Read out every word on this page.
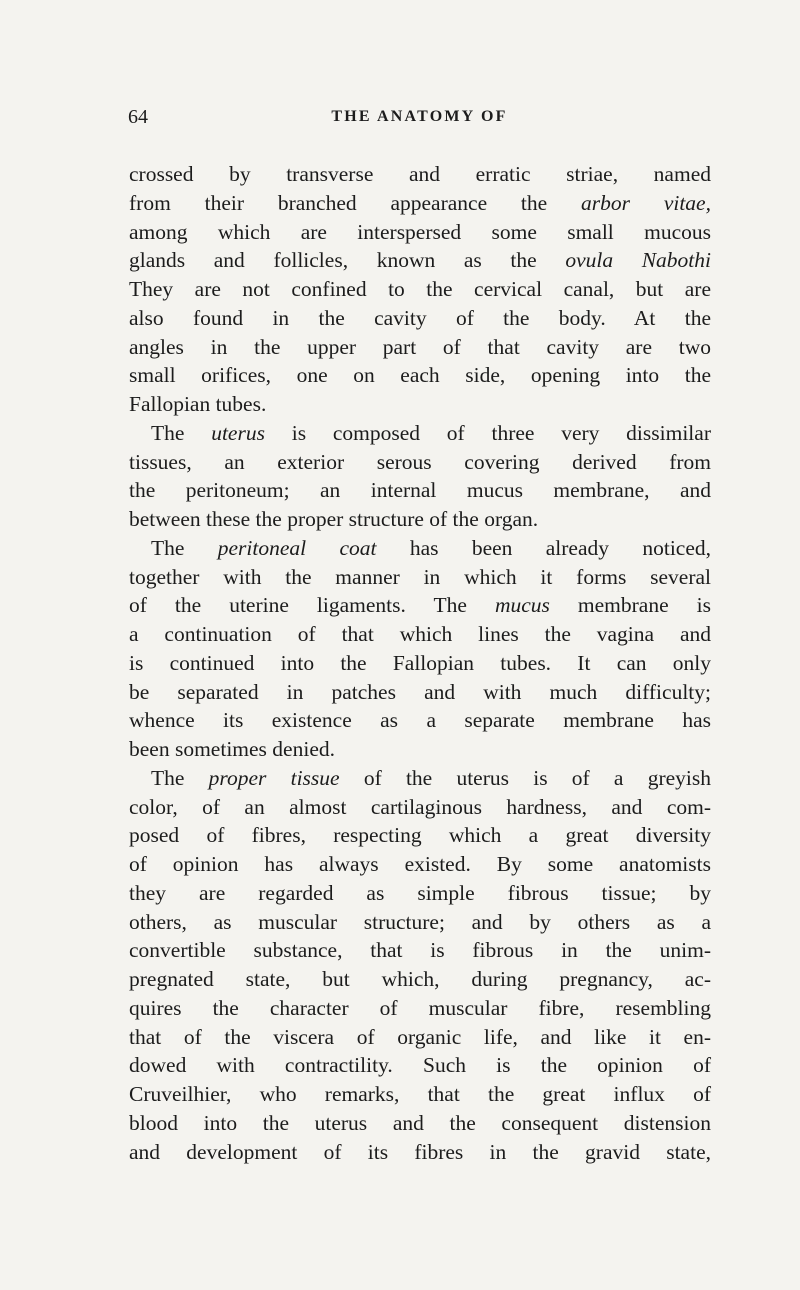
64	THE ANATOMY OF
crossed by transverse and erratic striae, named
from their branched appearance the arbor vitae,
among which are interspersed some small mucous
glands and follicles, known as the ovula Nabothi
They are not confined to the cervical canal, but are
also found in the cavity of the body. At the
angles in the upper part of that cavity are two
small orifices, one on each side, opening into the
Fallopian tubes.
The uterus is composed of three very dissimilar
tissues, an exterior serous covering derived from
the peritoneum; an internal mucus membrane, and
between these the proper structure of the organ.
The peritoneal coat has been already noticed,
together with the manner in which it forms several
of the uterine ligaments. The mucus membrane is
a continuation of that which lines the vagina and
is continued into the Fallopian tubes. It can only
be separated in patches and with much difficulty;
whence its existence as a separate membrane has
been sometimes denied.
The proper tissue of the uterus is of a greyish
color, of an almost cartilaginous hardness, and com-
posed of fibres, respecting which a great diversity
of opinion has always existed. By some anatomists
they are regarded as simple fibrous tissue; by
others, as muscular structure; and by others as a
convertible substance, that is fibrous in the unim-
pregnated state, but which, during pregnancy, ac-
quires the character of muscular fibre, resembling
that of the viscera of organic life, and like it en-
dowed with contractility. Such is the opinion of
Cruveilhier, who remarks, that the great influx of
blood into the uterus and the consequent distension
and development of its fibres in the gravid state,
